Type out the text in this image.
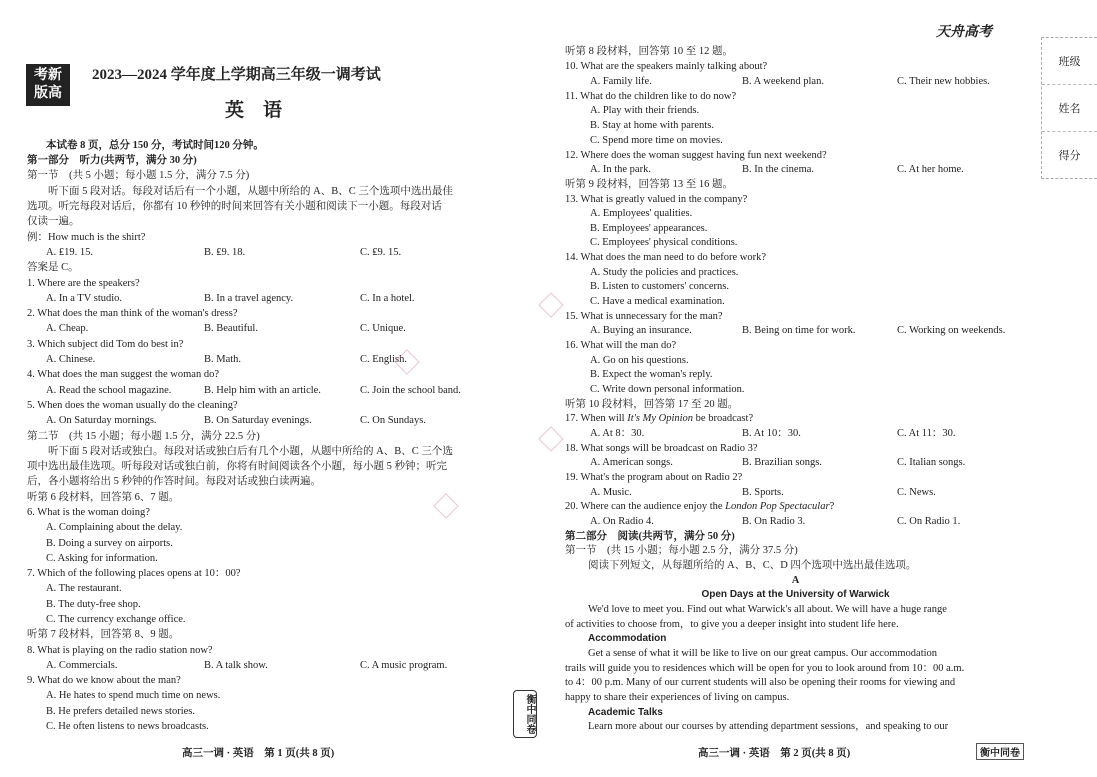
考新
版高
2023—2024 学年度上学期高三年级一调考试
英　语
本试卷 8 页，总分 150 分，考试时间120 分钟。
第一部分　听力(共两节，满分 30 分)
第一节　(共 5 小题；每小题 1.5 分，满分 7.5 分)
听下面 5 段对话。每段对话后有一个小题，从题中所给的 A、B、C 三个选项中选出最佳
选项。听完每段对话后，你都有 10 秒钟的时间来回答有关小题和阅读下一小题。每段对话
仅读一遍。
例：How much is the shirt?
A. ₤19. 15.	B. ₤9. 18.	C. ₤9. 15.
答案是 C。
1. Where are the speakers?
A. In a TV studio.	B. In a travel agency.	C. In a hotel.
2. What does the man think of the woman's dress?
A. Cheap.	B. Beautiful.	C. Unique.
3. Which subject did Tom do best in?
A. Chinese.	B. Math.	C. English.
4. What does the man suggest the woman do?
A. Read the school magazine.	B. Help him with an article.	C. Join the school band.
5. When does the woman usually do the cleaning?
A. On Saturday mornings.	B. On Saturday evenings.	C. On Sundays.
第二节　(共 15 小题；每小题 1.5 分，满分 22.5 分)
听下面 5 段对话或独白。每段对话或独白后有几个小题，从题中所给的 A、B、C 三个选
项中选出最佳选项。听每段对话或独白前，你将有时间阅读各个小题，每小题 5 秒钟；听完
后，各小题将给出 5 秒钟的作答时间。每段对话或独白读两遍。
听第 6 段材料，回答第 6、7 题。
6. What is the woman doing?
A. Complaining about the delay.
B. Doing a survey on airports.
C. Asking for information.
7. Which of the following places opens at 10：00?
A. The restaurant.
B. The duty-free shop.
C. The currency exchange office.
听第 7 段材料，回答第 8、9 题。
8. What is playing on the radio station now?
A. Commercials.	B. A talk show.	C. A music program.
9. What do we know about the man?
A. He hates to spend much time on news.
B. He prefers detailed news stories.
C. He often listens to news broadcasts.
高三一调 · 英语　第 1 页(共 8 页)
衡中同卷
天舟高考
听第 8 段材料，回答第 10 至 12 题。
10. What are the speakers mainly talking about?
A. Family life.	B. A weekend plan.	C. Their new hobbies.
11. What do the children like to do now?
A. Play with their friends.
B. Stay at home with parents.
C. Spend more time on movies.
12. Where does the woman suggest having fun next weekend?
A. In the park.	B. In the cinema.	C. At her home.
听第 9 段材料，回答第 13 至 16 题。
13. What is greatly valued in the company?
A. Employees' qualities.
B. Employees' appearances.
C. Employees' physical conditions.
14. What does the man need to do before work?
A. Study the policies and practices.
B. Listen to customers' concerns.
C. Have a medical examination.
15. What is unnecessary for the man?
A. Buying an insurance.	B. Being on time for work.	C. Working on weekends.
16. What will the man do?
A. Go on his questions.
B. Expect the woman's reply.
C. Write down personal information.
听第 10 段材料，回答第 17 至 20 题。
17. When will It's My Opinion be broadcast?
A. At 8：30.	B. At 10：30.	C. At 11：30.
18. What songs will be broadcast on Radio 3?
A. American songs.	B. Brazilian songs.	C. Italian songs.
19. What's the program about on Radio 2?
A. Music.	B. Sports.	C. News.
20. Where can the audience enjoy the London Pop Spectacular?
A. On Radio 4.	B. On Radio 3.	C. On Radio 1.
第二部分　阅读(共两节，满分 50 分)
第一节　(共 15 小题；每小题 2.5 分，满分 37.5 分)
阅读下列短文，从每题所给的 A、B、C、D 四个选项中选出最佳选项。
A
Open Days at the University of Warwick
We'd love to meet you. Find out what Warwick's all about. We will have a huge range
of activities to choose from，to give you a deeper insight into student life here.
Accommodation
Get a sense of what it will be like to live on our great campus. Our accommodation
trails will guide you to residences which will be open for you to look around from 10：00 a.m.
to 4：00 p.m. Many of our current students will also be opening their rooms for viewing and
happy to share their experiences of living on campus.
Academic Talks
Learn more about our courses by attending department sessions，and speaking to our
高三一调 · 英语　第 2 页(共 8 页)	衡中同卷
班级
姓名
得分
